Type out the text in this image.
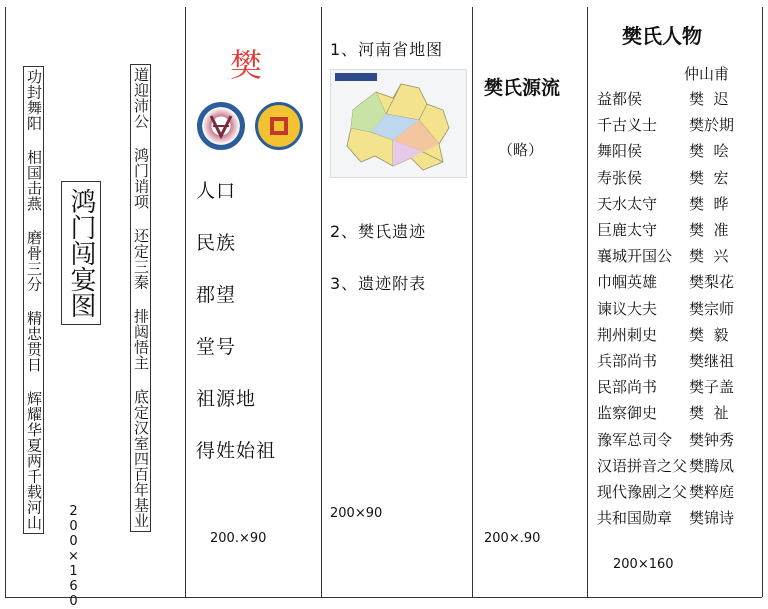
功封舞阳 相国击燕 磨骨三分 精忠贯日 辉耀华夏两千载河山 鸿门闯宴图
200×160
道迎沛公 鸿门诮项 还定三秦 排闼悟主 底定汉室四百年基业
樊
人口
民族
郡望
堂号
祖源地
得姓始祖
200.×90
1、河南省地图
2、樊氏遗迹
3、遗迹附表
200×90
樊氏源流
（略）
200×.90
樊氏人物
仲山甫
益都侯	樊  迟
千古义士 樊於期
舞阳侯	樊  哙
寿张侯	樊  宏
天水太守 樊  晔
巨鹿太守 樊  准
襄城开国公 樊  兴
巾帼英雄 樊梨花
谏议大夫 樊宗师
荆州刺史 樊  毅
兵部尚书 樊继祖
民部尚书 樊子盖
监察御史 樊  祉
豫军总司令 樊钟秀
汉语拼音之父 樊腾凤
现代豫剧之父 樊粹庭
共和国勋章 樊锦诗
200×160
